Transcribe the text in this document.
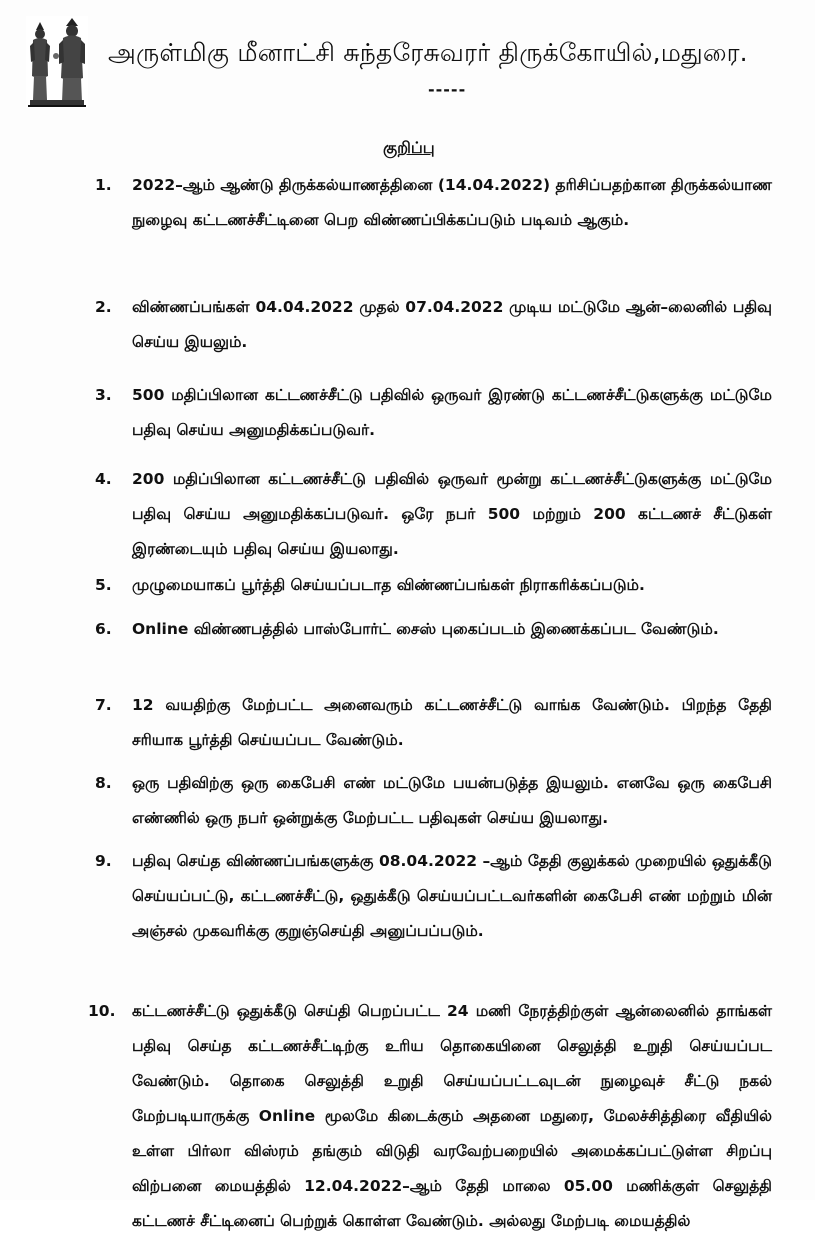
அருள்மிகு மீனாட்சி சுந்தரேசுவரர் திருக்கோயில்,மதுரை.
-----
குறிப்பு
1. 2022–ஆம் ஆண்டு திருக்கல்யாணத்தினை (14.04.2022) தரிசிப்பதற்கான திருக்கல்யாண நுழைவு கட்டணச்சீட்டினை பெற விண்ணப்பிக்கப்படும் படிவம் ஆகும்.
2. விண்ணப்பங்கள் 04.04.2022 முதல் 07.04.2022 முடிய மட்டுமே ஆன்–லைனில் பதிவு செய்ய இயலும்.
3. 500 மதிப்பிலான கட்டணச்சீட்டு பதிவில் ஒருவர் இரண்டு கட்டணச்சீட்டுகளுக்கு மட்டுமே பதிவு செய்ய அனுமதிக்கப்படுவர்.
4. 200 மதிப்பிலான கட்டணச்சீட்டு பதிவில் ஒருவர் மூன்று கட்டணச்சீட்டுகளுக்கு மட்டுமே பதிவு செய்ய அனுமதிக்கப்படுவர். ஒரே நபர் 500 மற்றும் 200 கட்டணச் சீட்டுகள் இரண்டையும் பதிவு செய்ய இயலாது.
5. முழுமையாகப் பூர்த்தி செய்யப்படாத விண்ணப்பங்கள் நிராகரிக்கப்படும்.
6. Online விண்ணபத்தில் பாஸ்போர்ட் சைஸ் புகைப்படம் இணைக்கப்பட வேண்டும்.
7. 12 வயதிற்கு மேற்பட்ட அனைவரும் கட்டணச்சீட்டு வாங்க வேண்டும். பிறந்த தேதி சரியாக பூர்த்தி செய்யப்பட வேண்டும்.
8. ஒரு பதிவிற்கு ஒரு கைபேசி எண் மட்டுமே பயன்படுத்த இயலும். எனவே ஒரு கைபேசி எண்ணில் ஒரு நபர் ஒன்றுக்கு மேற்பட்ட பதிவுகள் செய்ய இயலாது.
9. பதிவு செய்த விண்ணப்பங்களுக்கு 08.04.2022 –ஆம் தேதி குலுக்கல் முறையில் ஒதுக்கீடு செய்யப்பட்டு, கட்டணச்சீட்டு, ஒதுக்கீடு செய்யப்பட்டவர்களின் கைபேசி எண் மற்றும் மின் அஞ்சல் முகவரிக்கு குறுஞ்செய்தி அனுப்பப்படும்.
10. கட்டணச்சீட்டு ஒதுக்கீடு செய்தி பெறப்பட்ட 24 மணி நேரத்திற்குள் ஆன்லைனில் தாங்கள் பதிவு செய்த கட்டணச்சீட்டிற்கு உரிய தொகையினை செலுத்தி உறுதி செய்யப்பட வேண்டும். தொகை செலுத்தி உறுதி செய்யப்பட்டவுடன் நுழைவுச் சீட்டு நகல் மேற்படியாருக்கு Online மூலமே கிடைக்கும் அதனை மதுரை, மேலச்சித்திரை வீதியில் உள்ள பிர்லா விஸ்ரம் தங்கும் விடுதி வரவேற்பறையில் அமைக்கப்பட்டுள்ள சிறப்பு விற்பனை மையத்தில் 12.04.2022–ஆம் தேதி மாலை 05.00 மணிக்குள் செலுத்தி கட்டணச் சீட்டினைப் பெற்றுக் கொள்ள வேண்டும். அல்லது மேற்படி மையத்தில்
